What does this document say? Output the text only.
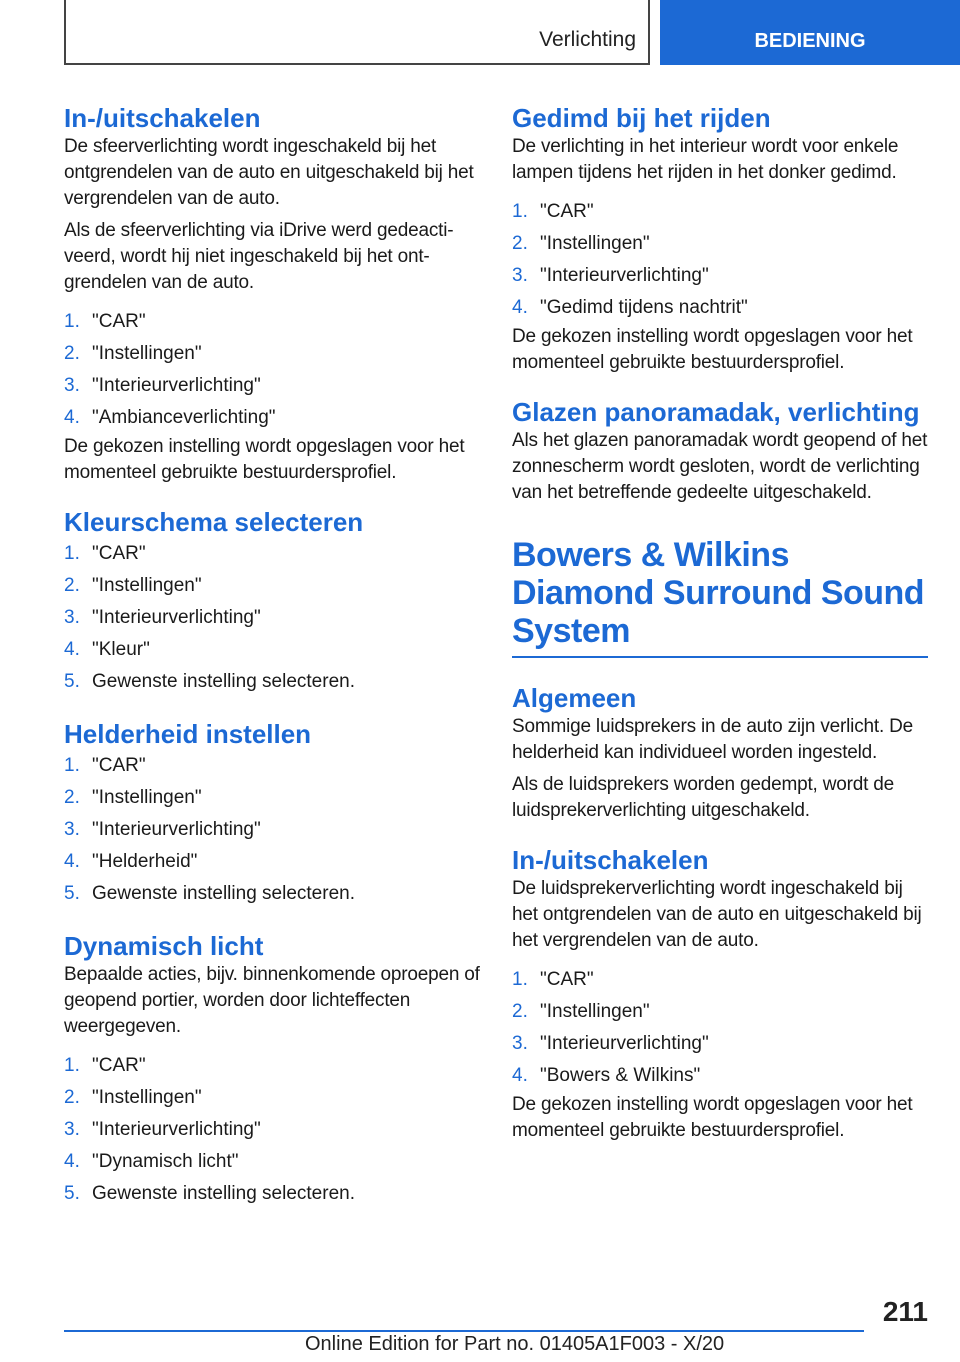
Verlichting	BEDIENING
In-/uitschakelen

De sfeerverlichting wordt ingeschakeld bij het ontgrendelen van de auto en uitgeschakeld bij het vergrendelen van de auto.

Als de sfeerverlichting via iDrive werd gedeactiveerd, wordt hij niet ingeschakeld bij het ontgrendelen van de auto.

1. "CAR"
2. "Instellingen"
3. "Interieurverlichting"
4. "Ambianceverlichting"

De gekozen instelling wordt opgeslagen voor het momenteel gebruikte bestuurdersprofiel.

Kleurschema selecteren
1. "CAR"
2. "Instellingen"
3. "Interieurverlichting"
4. "Kleur"
5. Gewenste instelling selecteren.
Helderheid instellen
1. "CAR"
2. "Instellingen"
3. "Interieurverlichting"
4. "Helderheid"
5. Gewenste instelling selecteren.
Dynamisch licht

Bepaalde acties, bijv. binnenkomende oproepen of geopend portier, worden door lichteffecten weergegeven.

1. "CAR"
2. "Instellingen"
3. "Interieurverlichting"
4. "Dynamisch licht"
5. Gewenste instelling selecteren.
Gedimd bij het rijden

De verlichting in het interieur wordt voor enkele lampen tijdens het rijden in het donker gedimd.

1. "CAR"
2. "Instellingen"
3. "Interieurverlichting"
4. "Gedimd tijdens nachtrit"

De gekozen instelling wordt opgeslagen voor het momenteel gebruikte bestuurdersprofiel.

Glazen panoramadak, verlichting

Als het glazen panoramadak wordt geopend of het zonnescherm wordt gesloten, wordt de verlichting van het betreffende gedeelte uitgeschakeld.

Bowers & Wilkins Diamond Surround Sound System
Algemeen

Sommige luidsprekers in de auto zijn verlicht. De helderheid kan individueel worden ingesteld.

Als de luidsprekers worden gedempt, wordt de luidsprekerverlichting uitgeschakeld.

In-/uitschakelen

De luidsprekerverlichting wordt ingeschakeld bij het ontgrendelen van de auto en uitgeschakeld bij het vergrendelen van de auto.

1. "CAR"
2. "Instellingen"
3. "Interieurverlichting"
4. "Bowers & Wilkins"

De gekozen instelling wordt opgeslagen voor het momenteel gebruikte bestuurdersprofiel.

211
Online Edition for Part no. 01405A1F003 - X/20
